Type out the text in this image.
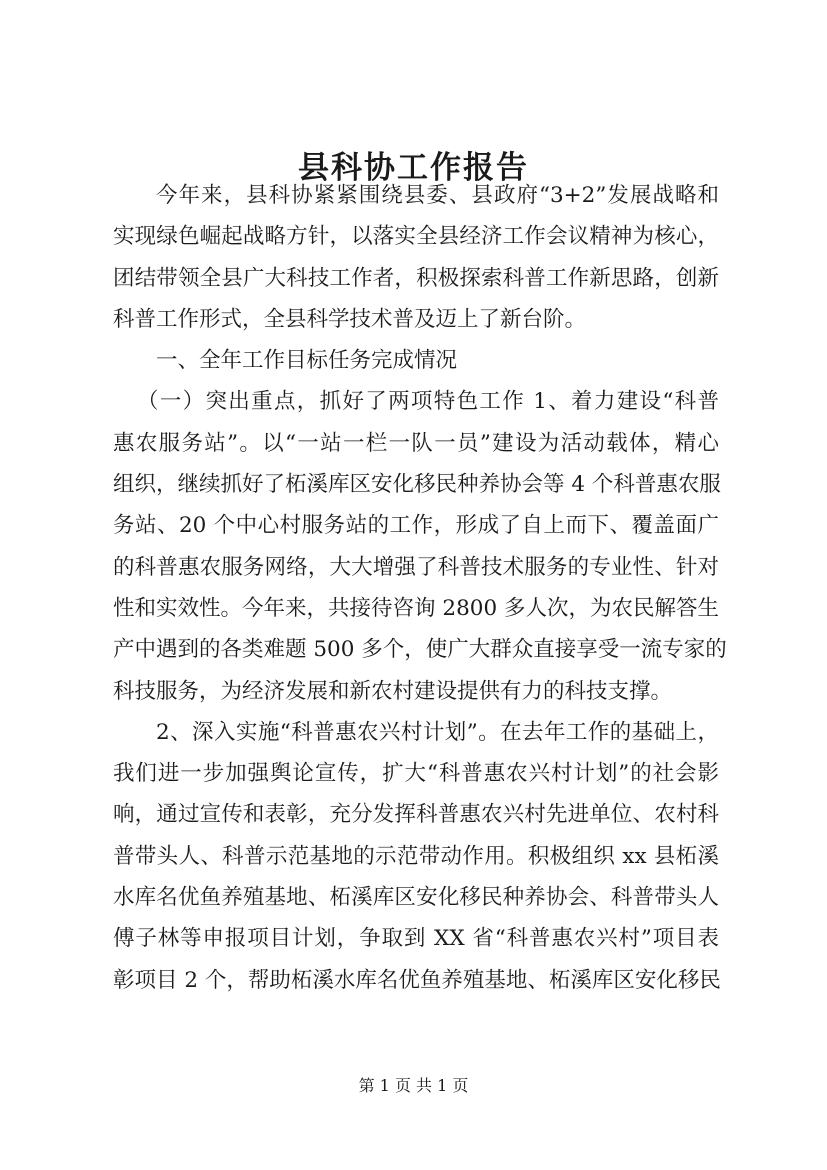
县科协工作报告
今年来，县科协紧紧围绕县委、县政府“3+2”发展战略和
实现绿色崛起战略方针，以落实全县经济工作会议精神为核心，
团结带领全县广大科技工作者，积极探索科普工作新思路，创新
科普工作形式，全县科学技术普及迈上了新台阶。
一、全年工作目标任务完成情况
（一）突出重点，抓好了两项特色工作 1、着力建设“科普
惠农服务站”。以“一站一栏一队一员”建设为活动载体，精心
组织，继续抓好了柘溪库区安化移民种养协会等 4 个科普惠农服
务站、20 个中心村服务站的工作，形成了自上而下、覆盖面广
的科普惠农服务网络，大大增强了科普技术服务的专业性、针对
性和实效性。今年来，共接待咨询 2800 多人次，为农民解答生
产中遇到的各类难题 500 多个，使广大群众直接享受一流专家的
科技服务，为经济发展和新农村建设提供有力的科技支撑。
2、深入实施“科普惠农兴村计划”。在去年工作的基础上，
我们进一步加强舆论宣传，扩大“科普惠农兴村计划”的社会影
响，通过宣传和表彰，充分发挥科普惠农兴村先进单位、农村科
普带头人、科普示范基地的示范带动作用。积极组织 xx 县柘溪
水库名优鱼养殖基地、柘溪库区安化移民种养协会、科普带头人
傅子林等申报项目计划，争取到 XX 省“科普惠农兴村”项目表
彰项目 2 个，帮助柘溪水库名优鱼养殖基地、柘溪库区安化移民
第 1 页 共 1 页
